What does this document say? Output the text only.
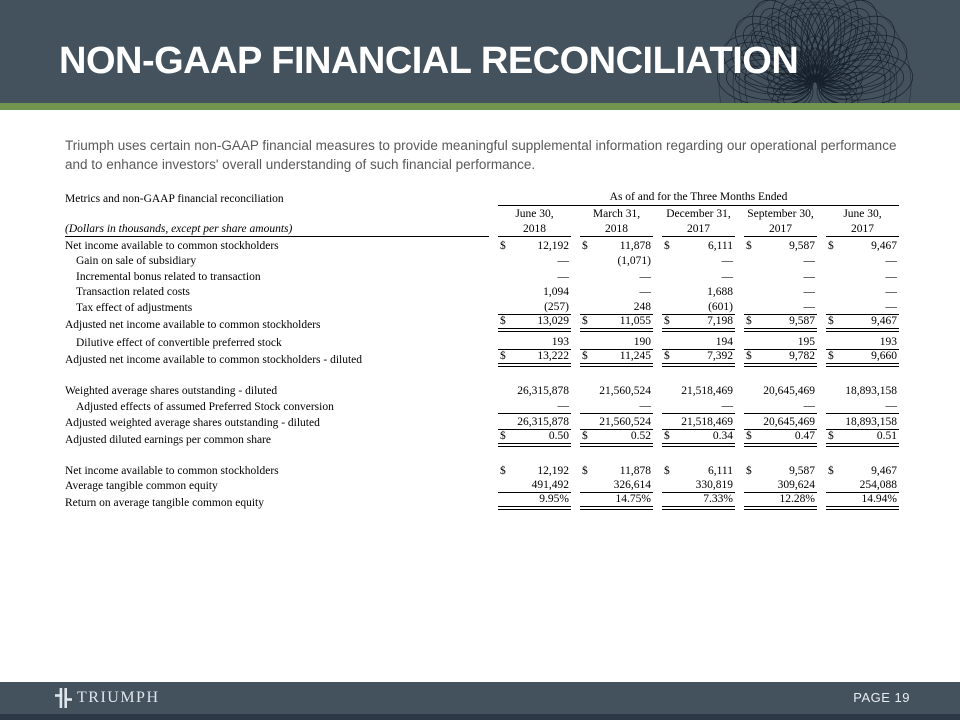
NON-GAAP FINANCIAL RECONCILIATION
Triumph uses certain non-GAAP financial measures to provide meaningful supplemental information regarding our operational performance and to enhance investors' overall understanding of such financial performance.
Metrics and non-GAAP financial reconciliation	As of and for the Three Months Ended
June 30,	March 31,	December 31,	September 30,	June 30,
(Dollars in thousands, except per share amounts)	2018	2018	2017	2017	2017
Net income available to common stockholders	$	12,192 $	11,878 $	6,111 $	9,587 $	9,467
Gain on sale of subsidiary	—	(1,071)	—	—	—
Incremental bonus related to transaction	—	—	—	—	—
Transaction related costs	1,094	—	1,688	—	—
Tax effect of adjustments	(257)	248	(601)	—	—
Adjusted net income available to common stockholders	$	13,029 $	11,055 $	7,198 $	9,587 $	9,467
Dilutive effect of convertible preferred stock	193	190	194	195	193
Adjusted net income available to common stockholders - diluted	$	13,222 $	11,245 $	7,392 $	9,782 $	9,660
Weighted average shares outstanding - diluted	26,315,878	21,560,524	21,518,469	20,645,469	18,893,158
Adjusted effects of assumed Preferred Stock conversion	—	—	—	—	—
Adjusted weighted average shares outstanding - diluted	26,315,878	21,560,524	21,518,469	20,645,469	18,893,158
Adjusted diluted earnings per common share	$	0.50 $	0.52 $	0.34 $	0.47 $	0.51
Net income available to common stockholders	$	12,192 $	11,878 $	6,111 $	9,587 $	9,467
Average tangible common equity	491,492	326,614	330,819	309,624	254,088
Return on average tangible common equity	9.95%	14.75%	7.33%	12.28%	14.94%
TRIUMPH	PAGE 19
